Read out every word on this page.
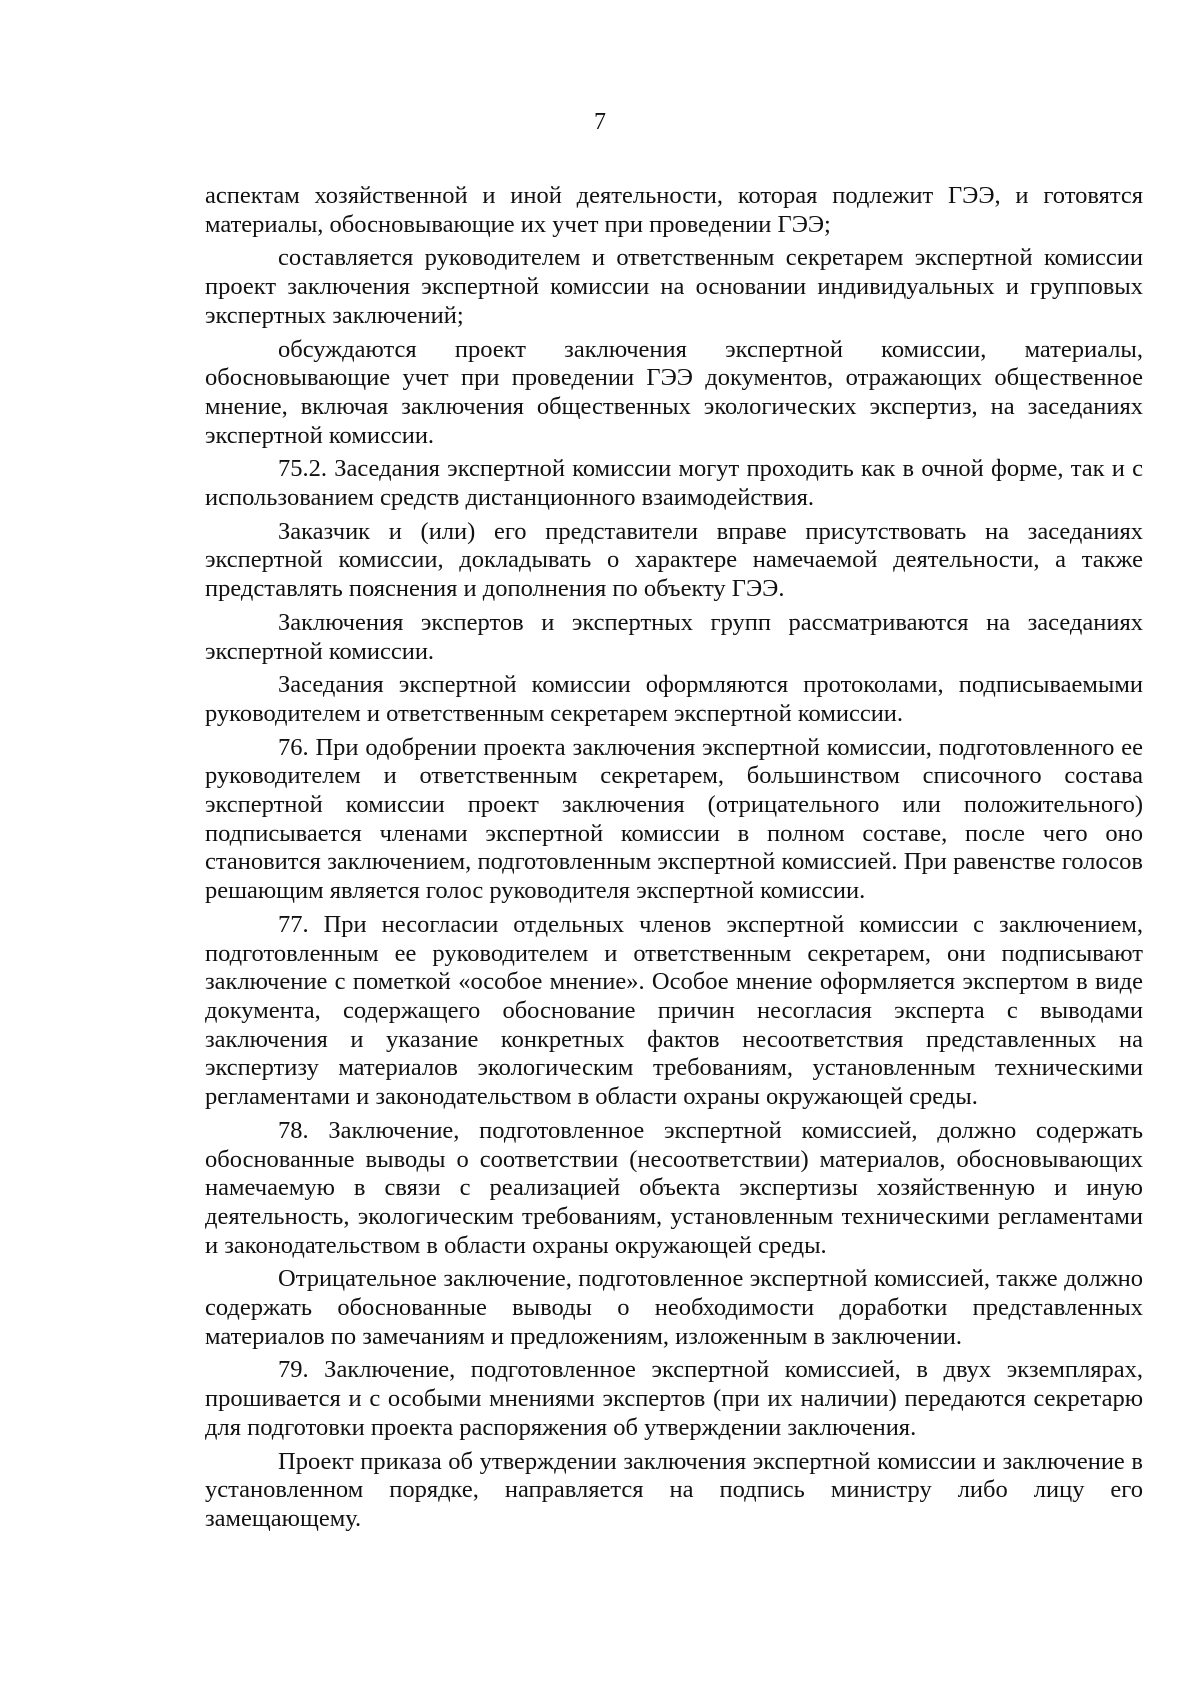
7

аспектам хозяйственной и иной деятельности, которая подлежит ГЭЭ, и готовятся материалы, обосновывающие их учет при проведении ГЭЭ;

составляется руководителем и ответственным секретарем экспертной комиссии проект заключения экспертной комиссии на основании индивидуальных и групповых экспертных заключений;

обсуждаются проект заключения экспертной комиссии, материалы, обосновывающие учет при проведении ГЭЭ документов, отражающих общественное мнение, включая заключения общественных экологических экспертиз, на заседаниях экспертной комиссии.

75.2. Заседания экспертной комиссии могут проходить как в очной форме, так и с использованием средств дистанционного взаимодействия.

Заказчик и (или) его представители вправе присутствовать на заседаниях экспертной комиссии, докладывать о характере намечаемой деятельности, а также представлять пояснения и дополнения по объекту ГЭЭ.

Заключения экспертов и экспертных групп рассматриваются на заседаниях экспертной комиссии.

Заседания экспертной комиссии оформляются протоколами, подписываемыми руководителем и ответственным секретарем экспертной комиссии.

76. При одобрении проекта заключения экспертной комиссии, подготовленного ее руководителем и ответственным секретарем, большинством списочного состава экспертной комиссии проект заключения (отрицательного или положительного) подписывается членами экспертной комиссии в полном составе, после чего оно становится заключением, подготовленным экспертной комиссией. При равенстве голосов решающим является голос руководителя экспертной комиссии.

77. При несогласии отдельных членов экспертной комиссии с заключением, подготовленным ее руководителем и ответственным секретарем, они подписывают заключение с пометкой «особое мнение». Особое мнение оформляется экспертом в виде документа, содержащего обоснование причин несогласия эксперта с выводами заключения и указание конкретных фактов несоответствия представленных на экспертизу материалов экологическим требованиям, установленным техническими регламентами и законодательством в области охраны окружающей среды.

78. Заключение, подготовленное экспертной комиссией, должно содержать обоснованные выводы о соответствии (несоответствии) материалов, обосновывающих намечаемую в связи с реализацией объекта экспертизы хозяйственную и иную деятельность, экологическим требованиям, установленным техническими регламентами и законодательством в области охраны окружающей среды.

Отрицательное заключение, подготовленное экспертной комиссией, также должно содержать обоснованные выводы о необходимости доработки представленных материалов по замечаниям и предложениям, изложенным в заключении.

79. Заключение, подготовленное экспертной комиссией, в двух экземплярах, прошивается и с особыми мнениями экспертов (при их наличии) передаются секретарю для подготовки проекта распоряжения об утверждении заключения.

Проект приказа об утверждении заключения экспертной комиссии и заключение в установленном порядке, направляется на подпись министру либо лицу его замещающему.
